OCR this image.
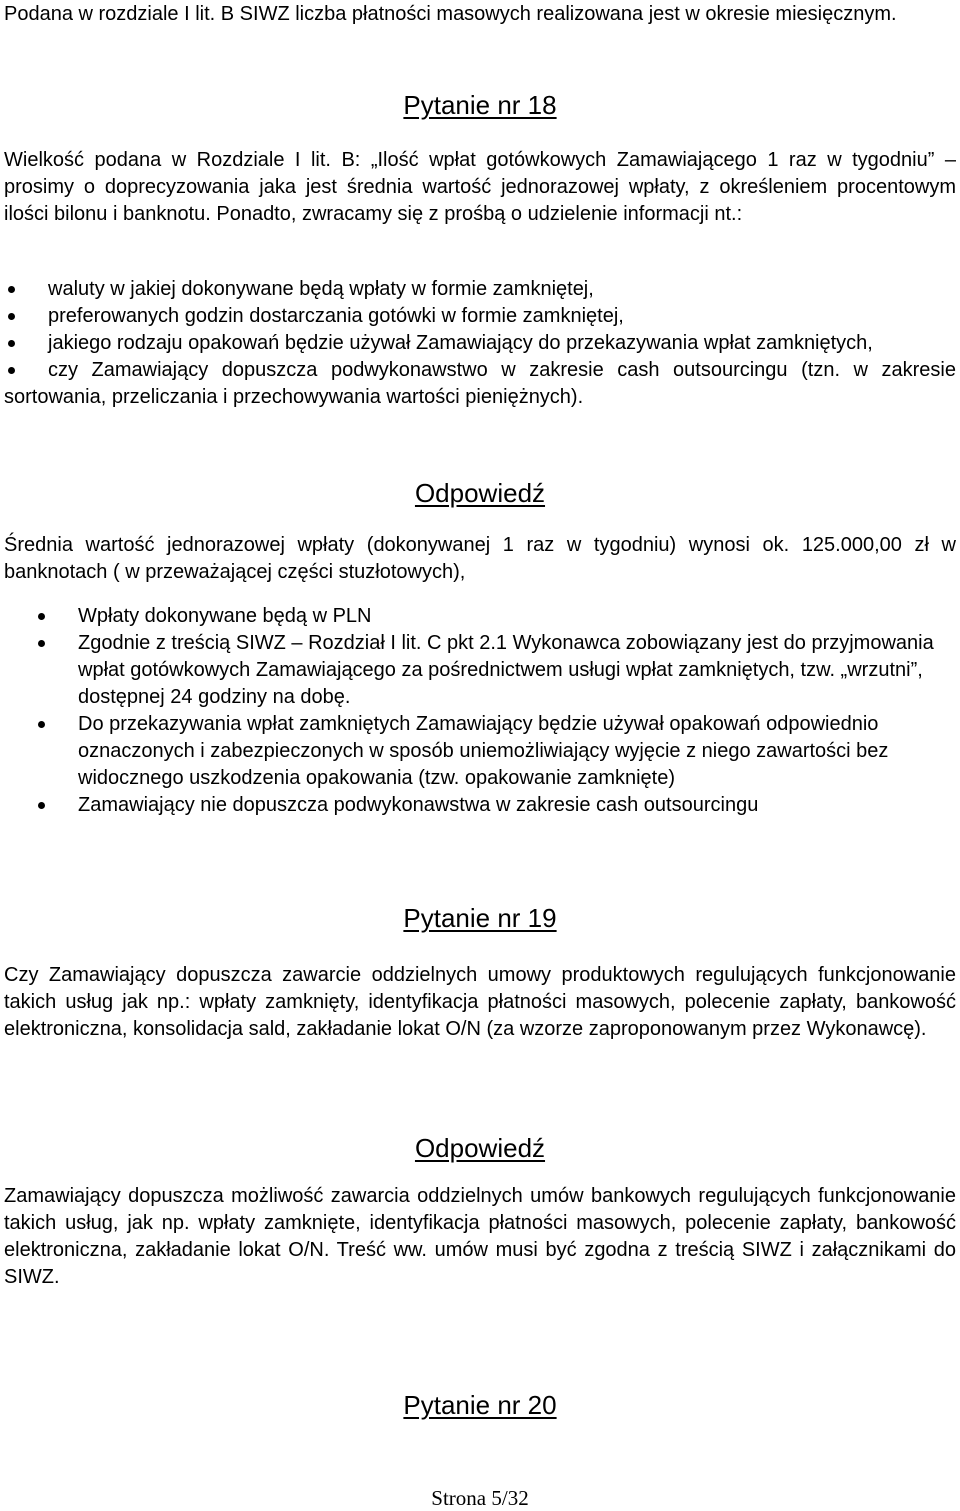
Podana w rozdziale I lit. B SIWZ liczba płatności masowych realizowana jest w okresie miesięcznym.
Pytanie nr 18
Wielkość podana w Rozdziale I lit. B: „Ilość wpłat gotówkowych Zamawiającego 1 raz w tygodniu” – prosimy o doprecyzowania jaka jest średnia wartość jednorazowej wpłaty, z określeniem procentowym ilości bilonu i banknotu. Ponadto, zwracamy się z prośbą o udzielenie informacji nt.:
waluty w jakiej dokonywane będą wpłaty w formie zamkniętej,
preferowanych godzin dostarczania gotówki w formie zamkniętej,
jakiego rodzaju opakowań będzie używał Zamawiający do przekazywania wpłat zamkniętych,
czy Zamawiający dopuszcza podwykonawstwo w zakresie cash outsourcingu (tzn. w zakresie sortowania, przeliczania i przechowywania wartości pieniężnych).
Odpowiedź
Średnia wartość jednorazowej wpłaty (dokonywanej 1 raz w tygodniu) wynosi ok. 125.000,00 zł w banknotach ( w przeważającej części stuzłotowych),
Wpłaty dokonywane będą w PLN
Zgodnie z treścią SIWZ – Rozdział I lit. C pkt 2.1 Wykonawca zobowiązany jest do przyjmowania wpłat gotówkowych Zamawiającego za pośrednictwem usługi wpłat zamkniętych, tzw. „wrzutni”, dostępnej 24 godziny na dobę.
Do przekazywania wpłat zamkniętych Zamawiający będzie używał opakowań odpowiednio oznaczonych i zabezpieczonych w sposób uniemożliwiający wyjęcie z niego zawartości bez widocznego uszkodzenia opakowania (tzw. opakowanie zamknięte)
Zamawiający nie dopuszcza podwykonawstwa w zakresie cash outsourcingu
Pytanie nr 19
Czy Zamawiający dopuszcza zawarcie oddzielnych umowy produktowych regulujących funkcjonowanie takich usług jak np.: wpłaty zamknięty, identyfikacja płatności masowych, polecenie zapłaty, bankowość elektroniczna, konsolidacja sald, zakładanie lokat O/N (za wzorze zaproponowanym przez Wykonawcę).
Odpowiedź
Zamawiający dopuszcza możliwość zawarcia oddzielnych umów bankowych regulujących funkcjonowanie takich usług, jak np. wpłaty zamknięte, identyfikacja płatności masowych, polecenie zapłaty, bankowość elektroniczna, zakładanie lokat O/N. Treść ww. umów musi być zgodna z treścią SIWZ i załącznikami do SIWZ.
Pytanie nr 20
Strona 5/32
